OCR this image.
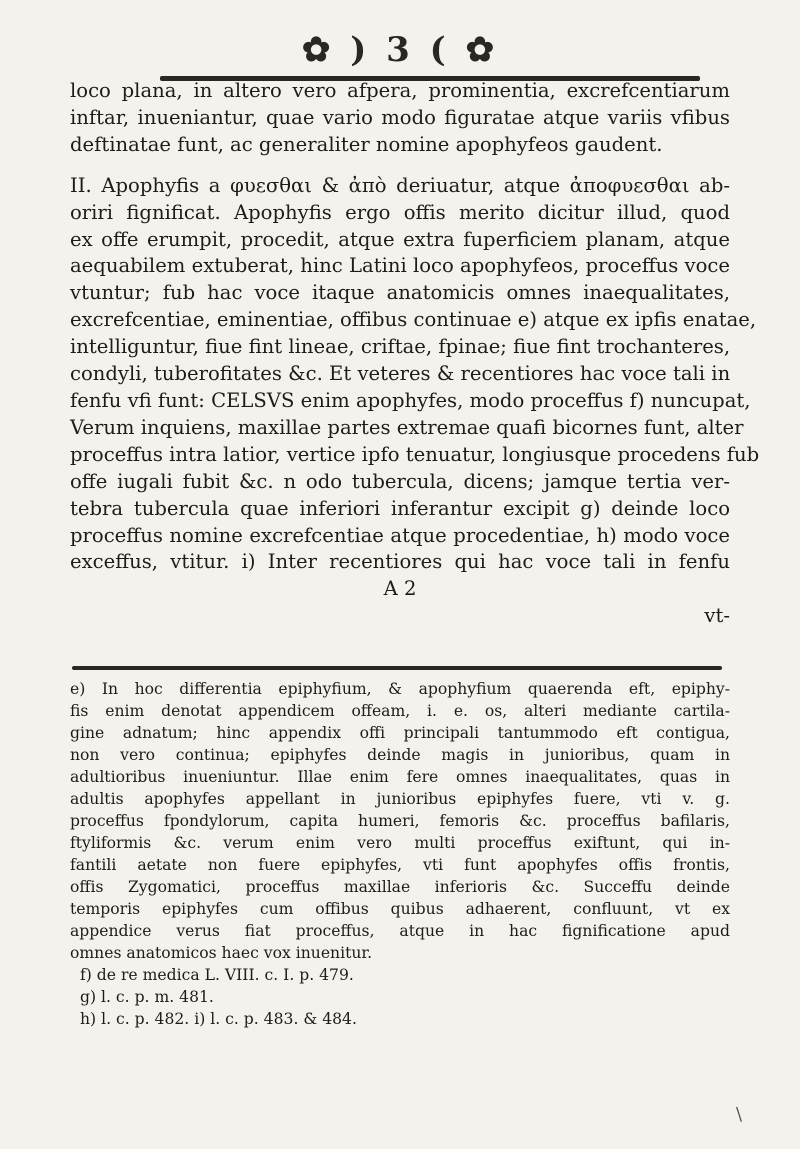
✿ ) 3 ( ✿

loco plana, in altero vero afpera, prominentia, excrefcentiarum
inftar, inueniantur, quae vario modo figuratae atque variis vfibus
deftinatae funt, ac generaliter nomine apophyfeos gaudent.

II. Apophyfis a φυεσθαι & ἀπὸ deriuatur, atque ἀποφυεσθαι ab-
oriri fignificat. Apophyfis ergo offis merito dicitur illud, quod
ex offe erumpit, procedit, atque extra fuperficiem planam, atque
aequabilem extuberat, hinc Latini loco apophyfeos, proceffus voce
vtuntur; fub hac voce itaque anatomicis omnes inaequalitates,
excrefcentiae, eminentiae, offibus continuae e) atque ex ipfis enatae,
intelliguntur, fiue fint lineae, criftae, fpinae; fiue fint trochanteres,
condyli, tuberofitates &c. Et veteres & recentiores hac voce tali in
fenfu vfi funt: CELSVS enim apophyfes, modo proceffus f) nuncupat,
Verum inquiens, maxillae partes extremae quafi bicornes funt, alter
proceffus intra latior, vertice ipfo tenuatur, longiusque procedens fub
offe iugali fubit &c. n odo tubercula, dicens; jamque tertia ver-
tebra tubercula quae inferiori inferantur excipit g) deinde loco
proceffus nomine excrefcentiae atque procedentiae, h) modo voce
exceffus, vtitur. i) Inter recentiores qui hac voce tali in fenfu
A 2
vt-

e) In hoc differentia epiphyfium, & apophyfium quaerenda eft, epiphy-
fis enim denotat appendicem offeam, i. e. os, alteri mediante cartila-
gine adnatum; hinc appendix offi principali tantummodo eft contigua,
non vero continua; epiphyfes deinde magis in junioribus, quam in
adultioribus inueniuntur. Illae enim fere omnes inaequalitates, quas in
adultis apophyfes appellant in junioribus epiphyfes fuere, vti v. g.
proceffus fpondylorum, capita humeri, femoris &c. proceffus bafilaris,
ftyliformis &c. verum enim vero multi proceffus exiftunt, qui in-
fantili aetate non fuere epiphyfes, vti funt apophyfes offis frontis,
offis Zygomatici, proceffus maxillae inferioris &c. Succeffu deinde
temporis epiphyfes cum offibus quibus adhaerent, confluunt, vt ex
appendice verus fiat proceffus, atque in hac fignificatione apud
omnes anatomicos haec vox inuenitur.
f) de re medica L. VIII. c. I. p. 479.
g) l. c. p. m. 481.
h) l. c. p. 482. i) l. c. p. 483. & 484.
\
